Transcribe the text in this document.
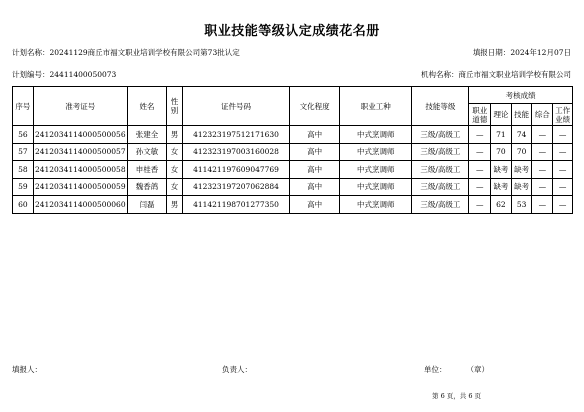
职业技能等级认定成绩花名册
计划名称：20241129商丘市福文职业培训学校有限公司第73批认定	填报日期：2024年12月07日
计划编号：24411400050073	机构名称：商丘市福文职业培训学校有限公司
序号	准考证号	姓名	性别	证件号码	文化程度	职业工种	技能等级	考核成绩				
								职业道德	理论	技能	综合	工作业绩
56	2412034114000500056	张建全	男	412323197512171630	高中	中式烹调师	三级/高级工	—	71	74	—	—
57	2412034114000500057	孙文敏	女	412323197003160028	高中	中式烹调师	三级/高级工	—	70	70	—	—
58	2412034114000500058	申桂香	女	411421197609047769	高中	中式烹调师	三级/高级工	—	缺考	缺考	—	—
59	2412034114000500059	魏香鸽	女	412323197207062884	高中	中式烹调师	三级/高级工	—	缺考	缺考	—	—
60	2412034114000500060	闫磊	男	411421198701277350	高中	中式烹调师	三级/高级工	—	62	53	—	—
填报人：	负责人：	单位：	（章）
第 6 页，共 6 页
